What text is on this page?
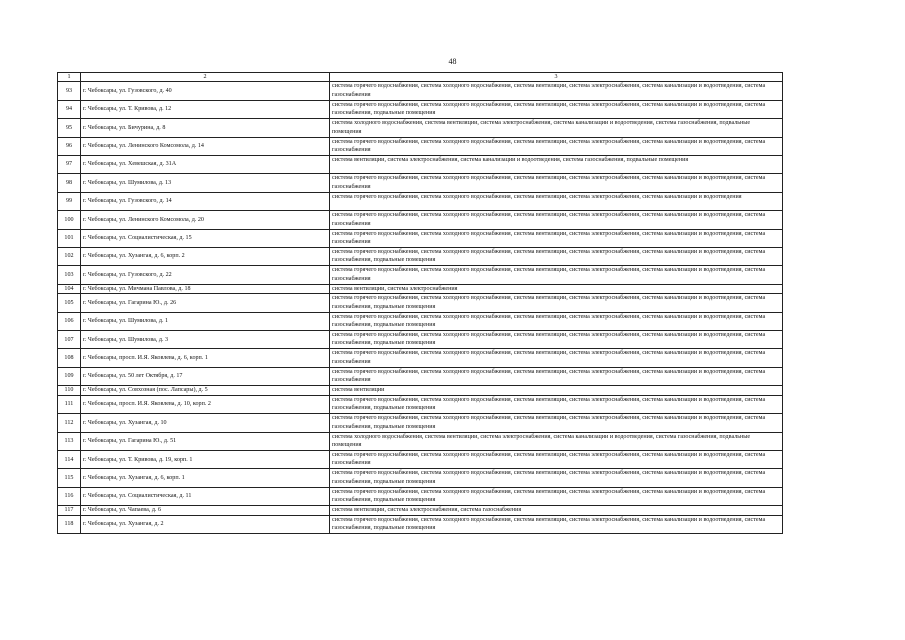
48
1	2	3
93	г. Чебоксары, ул. Гузовского, д. 40	система горячего водоснабжения, система холодного водоснабжения, система вентиляции, система электроснабжения, система канализации и водоотведения, система газоснабжения
94	г. Чебоксары, ул. Т. Кривова, д. 12	система горячего водоснабжения, система холодного водоснабжения, система вентиляции, система электроснабжения, система канализации и водоотведения, система газоснабжения, подвальные помещения
95	г. Чебоксары, ул. Бичурина, д. 8	система холодного водоснабжения, система вентиляции, система электроснабжения, система канализации и водоотведения, система газоснабжения, подвальные помещения
96	г. Чебоксары, ул. Ленинского Комсомола, д. 14	система горячего водоснабжения, система холодного водоснабжения, система вентиляции, система электроснабжения, система канализации и водоотведения, система газоснабжения
97	г. Чебоксары, ул. Хевешская, д. 31А	система вентиляции, система электроснабжения, система канализации и водоотведения, система газоснабжения, подвальные помещения
98	г. Чебоксары, ул. Шумилова, д. 13	система горячего водоснабжения, система холодного водоснабжения, система вентиляции, система электроснабжения, система канализации и водоотведения, система газоснабжения
99	г. Чебоксары, ул. Гузовского, д. 14	система горячего водоснабжения, система холодного водоснабжения, система вентиляции, система электроснабжения, система канализации и водоотведения
100	г. Чебоксары, ул. Ленинского Комсомола, д. 20	система горячего водоснабжения, система холодного водоснабжения, система вентиляции, система электроснабжения, система канализации и водоотведения, система газоснабжения
101	г. Чебоксары, ул. Социалистическая, д. 15	система горячего водоснабжения, система холодного водоснабжения, система вентиляции, система электроснабжения, система канализации и водоотведения, система газоснабжения
102	г. Чебоксары, ул. Хузангая, д. 6, корп. 2	система горячего водоснабжения, система холодного водоснабжения, система вентиляции, система электроснабжения, система канализации и водоотведения, система газоснабжения, подвальные помещения
103	г. Чебоксары, ул. Гузовского, д. 22	система горячего водоснабжения, система холодного водоснабжения, система вентиляции, система электроснабжения, система канализации и водоотведения, система газоснабжения
104	г. Чебоксары, ул. Мичмана Павлова, д. 18	система вентиляции, система электроснабжения
105	г. Чебоксары, ул. Гагарина Ю., д. 26	система горячего водоснабжения, система холодного водоснабжения, система вентиляции, система электроснабжения, система канализации и водоотведения, система газоснабжения, подвальные помещения
106	г. Чебоксары, ул. Шумилова, д. 1	система горячего водоснабжения, система холодного водоснабжения, система вентиляции, система электроснабжения, система канализации и водоотведения, система газоснабжения, подвальные помещения
107	г. Чебоксары, ул. Шумилова, д. 3	система горячего водоснабжения, система холодного водоснабжения, система вентиляции, система электроснабжения, система канализации и водоотведения, система газоснабжения, подвальные помещения
108	г. Чебоксары, просп. И.Я. Яковлева, д. 6, корп. 1	система горячего водоснабжения, система холодного водоснабжения, система вентиляции, система электроснабжения, система канализации и водоотведения, система газоснабжения
109	г. Чебоксары, ул. 50 лет Октября, д. 17	система горячего водоснабжения, система холодного водоснабжения, система вентиляции, система электроснабжения, система канализации и водоотведения, система газоснабжения
110	г. Чебоксары, ул. Совхозная (пос. Лапсары), д. 5	система вентиляции
111	г. Чебоксары, просп. И.Я. Яковлева, д. 10, корп. 2	система горячего водоснабжения, система холодного водоснабжения, система вентиляции, система электроснабжения, система канализации и водоотведения, система газоснабжения, подвальные помещения
112	г. Чебоксары, ул. Хузангая, д. 10	система горячего водоснабжения, система холодного водоснабжения, система вентиляции, система электроснабжения, система канализации и водоотведения, система газоснабжения, подвальные помещения
113	г. Чебоксары, ул. Гагарина Ю., д. 51	система холодного водоснабжения, система вентиляции, система электроснабжения, система канализации и водоотведения, система газоснабжения, подвальные помещения
114	г. Чебоксары, ул. Т. Кривова, д. 19, корп. 1	система горячего водоснабжения, система холодного водоснабжения, система вентиляции, система электроснабжения, система канализации и водоотведения, система газоснабжения
115	г. Чебоксары, ул. Хузангая, д. 6, корп. 1	система горячего водоснабжения, система холодного водоснабжения, система вентиляции, система электроснабжения, система канализации и водоотведения, система газоснабжения, подвальные помещения
116	г. Чебоксары, ул. Социалистическая, д. 11	система горячего водоснабжения, система холодного водоснабжения, система вентиляции, система электроснабжения, система канализации и водоотведения, система газоснабжения, подвальные помещения
117	г. Чебоксары, ул. Чапаева, д. 6	система вентиляции, система электроснабжения, система газоснабжения
118	г. Чебоксары, ул. Хузангая, д. 2	система горячего водоснабжения, система холодного водоснабжения, система вентиляции, система электроснабжения, система канализации и водоотведения, система газоснабжения, подвальные помещения
